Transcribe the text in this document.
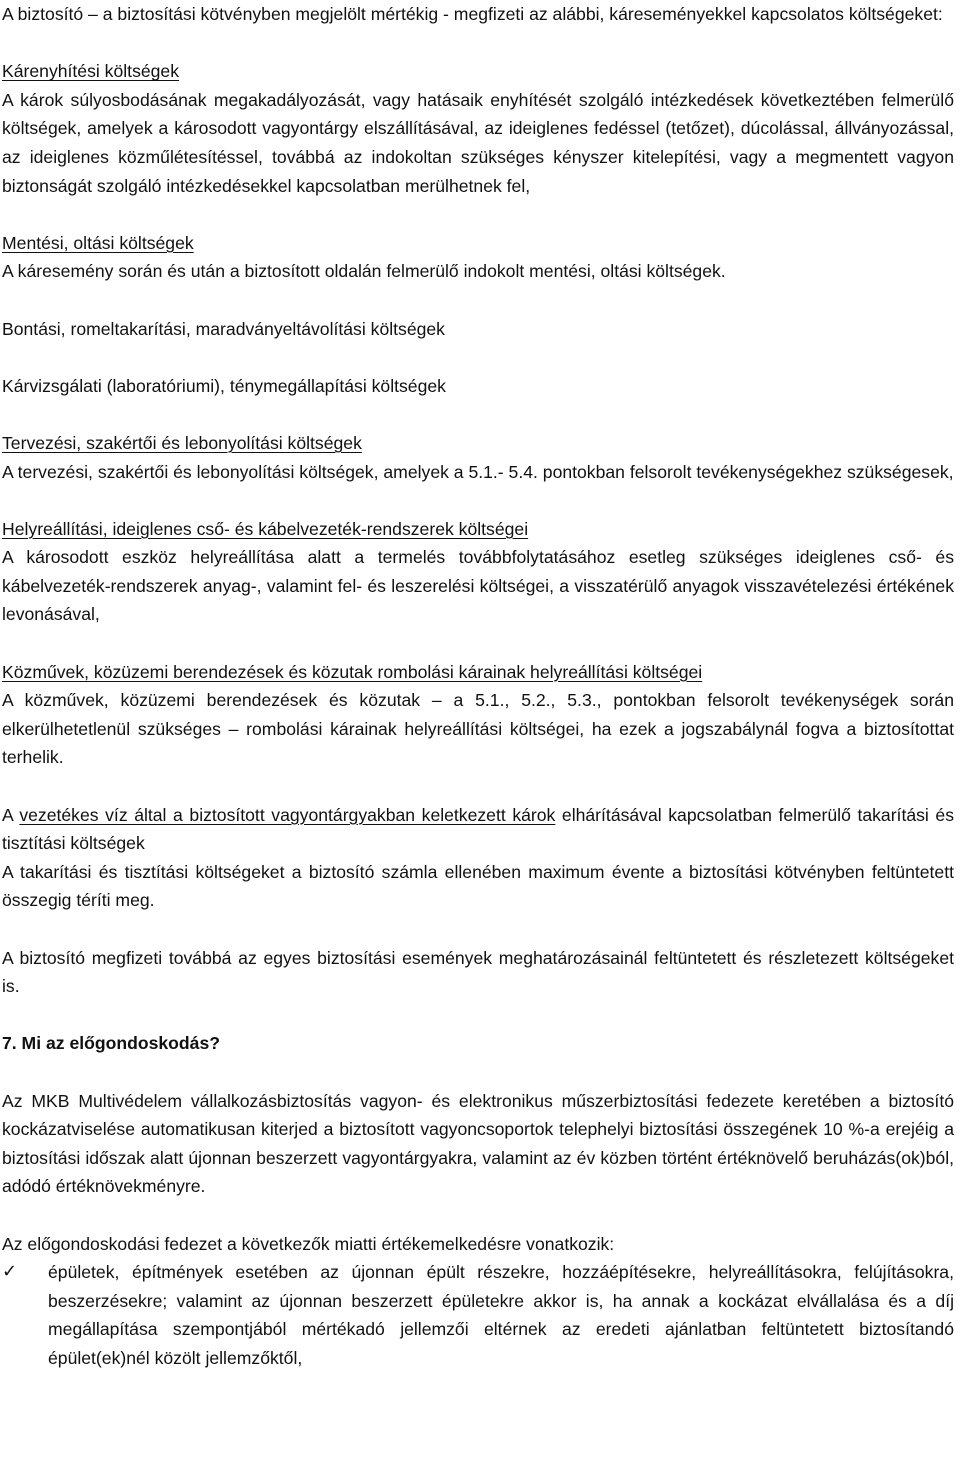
A biztosító – a biztosítási kötvényben megjelölt mértékig - megfizeti az alábbi, káreseményekkel kapcsolatos költségeket:

Kárenyhítési költségek

A károk súlyosbodásának megakadályozását, vagy hatásaik enyhítését szolgáló intézkedések következtében felmerülő költségek, amelyek a károsodott vagyontárgy elszállításával, az ideiglenes fedéssel (tetőzet), dúcolással, állványozással, az ideiglenes közműlétesítéssel, továbbá az indokoltan szükséges kényszer kitelepítési, vagy a megmentett vagyon biztonságát szolgáló intézkedésekkel kapcsolatban merülhetnek fel,

Mentési, oltási költségek

A káresemény során és után a biztosított oldalán felmerülő indokolt mentési, oltási költségek.

Bontási, romeltakarítási, maradványeltávolítási költségek

Kárvizsgálati (laboratóriumi), ténymegállapítási költségek

Tervezési, szakértői és lebonyolítási költségek

A tervezési, szakértői és lebonyolítási költségek, amelyek a 5.1.- 5.4. pontokban felsorolt tevékenységekhez szükségesek,

Helyreállítási, ideiglenes cső- és kábelvezeték-rendszerek költségei

A károsodott eszköz helyreállítása alatt a termelés továbbfolytatásához esetleg szükséges ideiglenes cső- és kábelvezeték-rendszerek anyag-, valamint fel- és leszerelési költségei, a visszatérülő anyagok visszavételezési értékének levonásával,

Közművek, közüzemi berendezések és közutak rombolási kárainak helyreállítási költségei

A közművek, közüzemi berendezések és közutak – a 5.1., 5.2., 5.3., pontokban felsorolt tevékenységek során elkerülhetetlenül szükséges – rombolási kárainak helyreállítási költségei, ha ezek a jogszabálynál fogva a biztosítottat terhelik.

A vezetékes víz által a biztosított vagyontárgyakban keletkezett károk elhárításával kapcsolatban felmerülő takarítási és tisztítási költségek

A takarítási és tisztítási költségeket a biztosító számla ellenében maximum évente a biztosítási kötvényben feltüntetett összegig téríti meg.

A biztosító megfizeti továbbá az egyes biztosítási események meghatározásainál feltüntetett és részletezett költségeket is.

7. Mi az előgondoskodás?

Az MKB Multivédelem vállalkozásbiztosítás vagyon- és elektronikus műszerbiztosítási fedezete keretében a biztosító kockázatviselése automatikusan kiterjed a biztosított vagyoncsoportok telephelyi biztosítási összegének 10 %-a erejéig a biztosítási időszak alatt újonnan beszerzett vagyontárgyakra, valamint az év közben történt értéknövelő beruházás(ok)ból, adódó értéknövekményre.

Az előgondoskodási fedezet a következők miatti értékemelkedésre vonatkozik:

✓	épületek, építmények esetében az újonnan épült részekre, hozzáépítésekre, helyreállításokra, felújításokra, beszerzésekre; valamint az újonnan beszerzett épületekre akkor is, ha annak a kockázat elvállalása és a díj megállapítása szempontjából mértékadó jellemzői eltérnek az eredeti ajánlatban feltüntetett biztosítandó épület(ek)nél közölt jellemzőktől,
